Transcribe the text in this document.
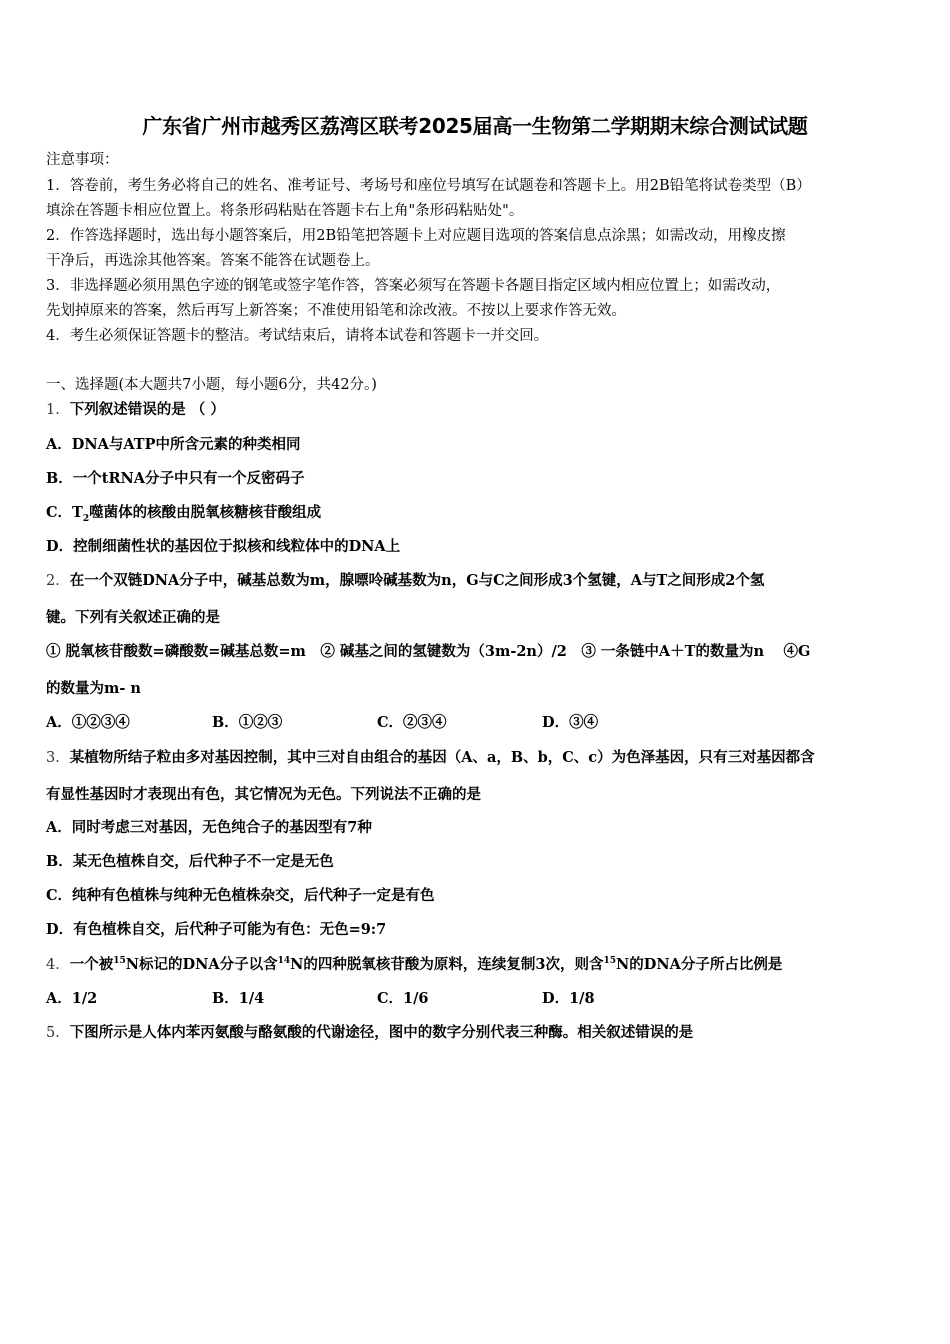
广东省广州市越秀区荔湾区联考2025届高一生物第二学期期末综合测试试题
注意事项：
1．答卷前，考生务必将自己的姓名、准考证号、考场号和座位号填写在试题卷和答题卡上。用2B铅笔将试卷类型（B）
填涂在答题卡相应位置上。将条形码粘贴在答题卡右上角"条形码粘贴处"。
2．作答选择题时，选出每小题答案后，用2B铅笔把答题卡上对应题目选项的答案信息点涂黑；如需改动，用橡皮擦
干净后，再选涂其他答案。答案不能答在试题卷上。
3．非选择题必须用黑色字迹的钢笔或签字笔作答，答案必须写在答题卡各题目指定区域内相应位置上；如需改动，
先划掉原来的答案，然后再写上新答案；不准使用铅笔和涂改液。不按以上要求作答无效。
4．考生必须保证答题卡的整洁。考试结束后，请将本试卷和答题卡一并交回。
一、选择题(本大题共7小题，每小题6分，共42分。)
1．下列叙述错误的是 （ ）
A．DNA与ATP中所含元素的种类相同
B．一个tRNA分子中只有一个反密码子
C．$T_2$噬菌体的核酸由脱氧核糖核苷酸组成
D．控制细菌性状的基因位于拟核和线粒体中的DNA上
2．在一个双链DNA分子中，碱基总数为m，腺嘌呤碱基数为n，G与C之间形成3个氢键，A与T之间形成2个氢
键。下列有关叙述正确的是
① 脱氧核苷酸数=磷酸数=碱基总数=m　② 碱基之间的氢键数为（3m-2n）/2　③ 一条链中A＋T的数量为n　 ④G
的数量为m- n
A．①②③④	B．①②③	C．②③④	D．③④
3．某植物所结子粒由多对基因控制，其中三对自由组合的基因（A、a，B、b，C、c）为色泽基因，只有三对基因都含
有显性基因时才表现出有色，其它情况为无色。下列说法不正确的是
A．同时考虑三对基因，无色纯合子的基因型有7种
B．某无色植株自交，后代种子不一定是无色
C．纯种有色植株与纯种无色植株杂交，后代种子一定是有色
D．有色植株自交，后代种子可能为有色：无色=9:7
4．一个被$^{15}$N标记的DNA分子以含$^{14}$N的四种脱氧核苷酸为原料，连续复制3次，则含$^{15}$N的DNA分子所占比例是
A．1/2	B．1/4	C．1/6	D．1/8
5．下图所示是人体内苯丙氨酸与酪氨酸的代谢途径，图中的数字分别代表三种酶。相关叙述错误的是
